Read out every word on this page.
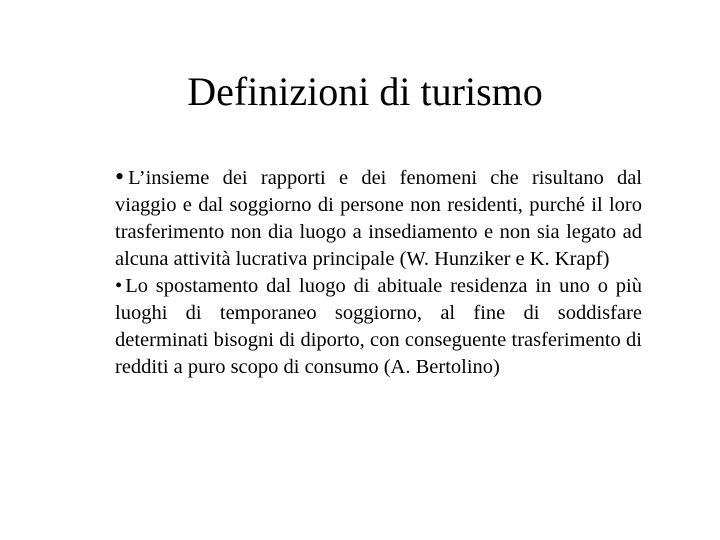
Definizioni di turismo

• L’insieme dei rapporti e dei fenomeni che risultano dal viaggio e dal soggiorno di persone non residenti, purché il loro trasferimento non dia luogo a insediamento e non sia legato ad alcuna attività lucrativa principale (W. Hunziker e K. Krapf)

• Lo spostamento dal luogo di abituale residenza in uno o più luoghi di temporaneo soggiorno, al fine di soddisfare determinati bisogni di diporto, con conseguente trasferimento di redditi a puro scopo di consumo (A. Bertolino)
